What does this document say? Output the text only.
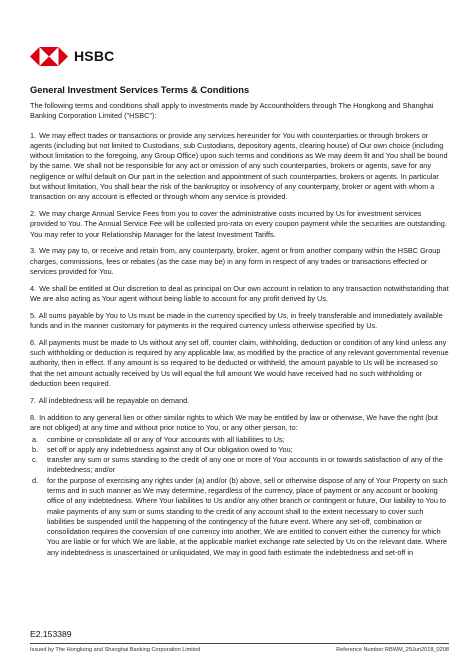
HSBC
General Investment Services Terms & Conditions

The following terms and conditions shall apply to investments made by Accountholders through The Hongkong and Shanghai Banking Corporation Limited ("HSBC"):

1. We may effect trades or transactions or provide any services hereunder for You with counterparties or through brokers or agents (including but not limited to Custodians, sub Custodians, depository agents, clearing house) of Our own choice (including without limitation to the foregoing, any Group Office) upon such terms and conditions as We may deem fit and You shall be bound by the same. We shall not be responsible for any act or omission of any such counterparties, brokers or agents, save for any negligence or wilful default on Our part in the selection and appointment of such counterparties, brokers or agents. In particular but without limitation, You shall bear the risk of the bankruptcy or insolvency of any counterparty, broker or agent with whom a transaction on any account is effected or through whom any service is provided.

2. We may charge Annual Service Fees from you to cover the administrative costs incurred by Us for investment services provided to You. The Annual Service Fee will be collected pro-rata on every coupon payment while the securities are outstanding. You may refer to your Relationship Manager for the latest Investment Tariffs.

3. We may pay to, or receive and retain from, any counterparty, broker, agent or from another company within the HSBC Group charges, commissions, fees or rebates (as the case may be) in any form in respect of any trades or transactions effected or services provided for You.

4. We shall be entitled at Our discretion to deal as principal on Our own account in relation to any transaction notwithstanding that We are also acting as Your agent without being liable to account for any profit derived by Us.

5. All sums payable by You to Us must be made in the currency specified by Us, in freely transferable and immediately available funds and in the manner customary for payments in the required currency unless otherwise specified by Us.

6. All payments must be made to Us without any set off, counter claim, withholding, deduction or condition of any kind unless any such withholding or deduction is required by any applicable law, as modified by the practice of any relevant governmental revenue authority, then in effect. If any amount is so required to be deducted or withheld, the amount payable to Us will be increased so that the net amount actually received by Us will equal the full amount We would have received had no such withholding or deduction been required.

7. All indebtedness will be repayable on demand.

8. In addition to any general lien or other similar rights to which We may be entitled by law or otherwise, We have the right (but are not obliged) at any time and without prior notice to You, or any other person, to:

a. combine or consolidate all or any of Your accounts with all liabilities to Us;
b. set off or apply any indebtedness against any of Our obligation owed to You;
c. transfer any sum or sums standing to the credit of any one or more of Your accounts in or towards satisfaction of any of the indebtedness; and/or
d. for the purpose of exercising any rights under (a) and/or (b) above, sell or otherwise dispose of any of Your Property on such terms and in such manner as We may determine, regardless of the currency, place of payment or any account or booking office of any indebtedness. Where Your liabilities to Us and/or any other branch or contingent or future, Our liability to You to make payments of any sum or sums standing to the credit of any account shall to the extent necessary to cover such liabilities be suspended until the happening of the contingency of the future event. Where any set-off, combination or consolidation requires the conversion of one currency into another, We are entitled to convert either the currency for which You are liable or for which We are liable, at the applicable market exchange rate selected by Us on the relevant date. Where any indebtedness is unascertained or unliquidated, We may in good faith estimate the indebtedness and set-off in
E2.153389
Issued by The Hongkong and Shanghai Banking Corporation Limited	Reference Number RBWM_29Jun2018_0208
